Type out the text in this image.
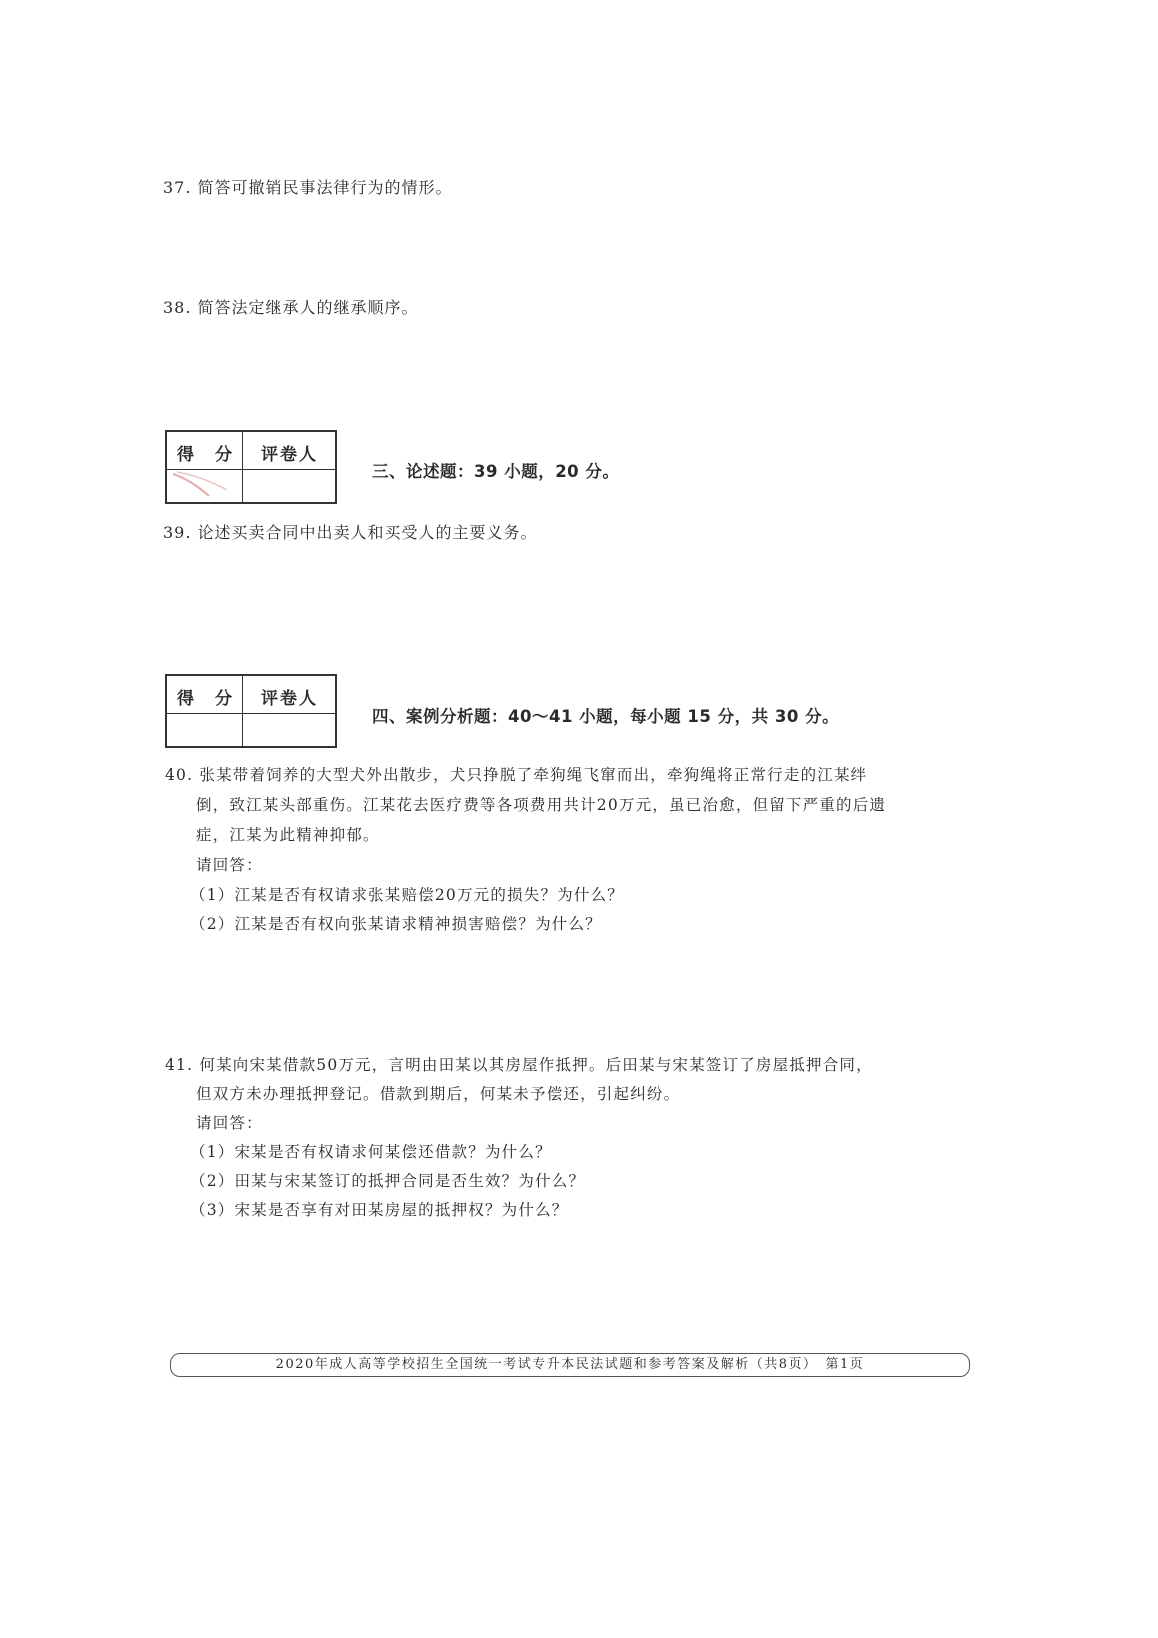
37. 简答可撤销民事法律行为的情形。
38. 简答法定继承人的继承顺序。
得　分	评卷人
三、论述题：39 小题，20 分。
39. 论述买卖合同中出卖人和买受人的主要义务。
得　分	评卷人
四、案例分析题：40～41 小题，每小题 15 分，共 30 分。
40. 张某带着饲养的大型犬外出散步，犬只挣脱了牵狗绳飞窜而出，牵狗绳将正常行走的江某绊
倒，致江某头部重伤。江某花去医疗费等各项费用共计20万元，虽已治愈，但留下严重的后遗
症，江某为此精神抑郁。
请回答：
（1）江某是否有权请求张某赔偿20万元的损失？为什么？
（2）江某是否有权向张某请求精神损害赔偿？为什么？
41. 何某向宋某借款50万元，言明由田某以其房屋作抵押。后田某与宋某签订了房屋抵押合同，
但双方未办理抵押登记。借款到期后，何某未予偿还，引起纠纷。
请回答：
（1）宋某是否有权请求何某偿还借款？为什么？
（2）田某与宋某签订的抵押合同是否生效？为什么？
（3）宋某是否享有对田某房屋的抵押权？为什么？
2020年成人高等学校招生全国统一考试专升本民法试题和参考答案及解析（共8页）　第1页
